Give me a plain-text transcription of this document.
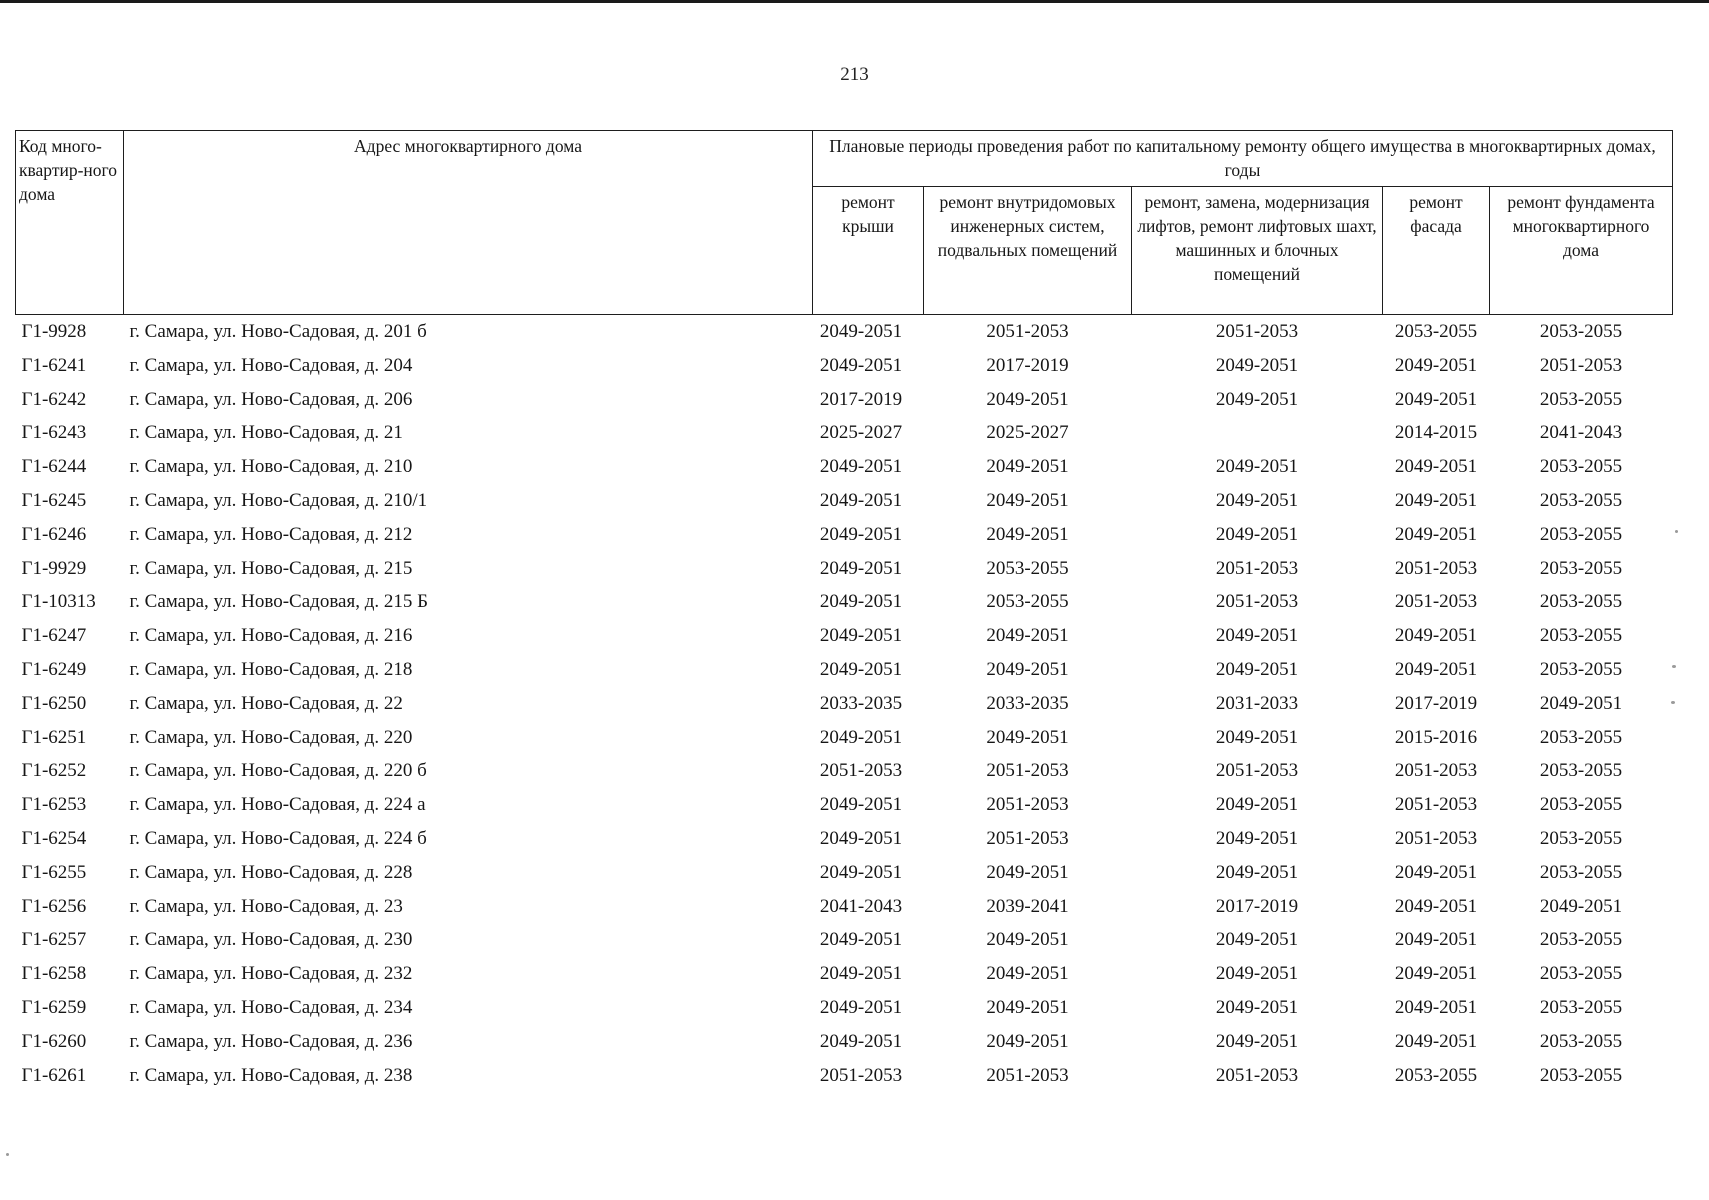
213
Код много-квартир-ного дома	Адрес многоквартирного дома	Плановые периоды проведения работ по капитальному ремонту общего имущества в многоквартирных домах, годы				
		ремонт крыши	ремонт внутридомовых инженерных систем, подвальных помещений	ремонт, замена, модернизация лифтов, ремонт лифтовых шахт, машинных и блочных помещений	ремонт фасада	ремонт фундамента многоквартирного дома
Г1-9928	г. Самара, ул. Ново-Садовая, д. 201 б	2049-2051	2051-2053	2051-2053	2053-2055	2053-2055
Г1-6241	г. Самара, ул. Ново-Садовая, д. 204	2049-2051	2017-2019	2049-2051	2049-2051	2051-2053
Г1-6242	г. Самара, ул. Ново-Садовая, д. 206	2017-2019	2049-2051	2049-2051	2049-2051	2053-2055
Г1-6243	г. Самара, ул. Ново-Садовая, д. 21	2025-2027	2025-2027		2014-2015	2041-2043
Г1-6244	г. Самара, ул. Ново-Садовая, д. 210	2049-2051	2049-2051	2049-2051	2049-2051	2053-2055
Г1-6245	г. Самара, ул. Ново-Садовая, д. 210/1	2049-2051	2049-2051	2049-2051	2049-2051	2053-2055
Г1-6246	г. Самара, ул. Ново-Садовая, д. 212	2049-2051	2049-2051	2049-2051	2049-2051	2053-2055
Г1-9929	г. Самара, ул. Ново-Садовая, д. 215	2049-2051	2053-2055	2051-2053	2051-2053	2053-2055
Г1-10313	г. Самара, ул. Ново-Садовая, д. 215 Б	2049-2051	2053-2055	2051-2053	2051-2053	2053-2055
Г1-6247	г. Самара, ул. Ново-Садовая, д. 216	2049-2051	2049-2051	2049-2051	2049-2051	2053-2055
Г1-6249	г. Самара, ул. Ново-Садовая, д. 218	2049-2051	2049-2051	2049-2051	2049-2051	2053-2055
Г1-6250	г. Самара, ул. Ново-Садовая, д. 22	2033-2035	2033-2035	2031-2033	2017-2019	2049-2051
Г1-6251	г. Самара, ул. Ново-Садовая, д. 220	2049-2051	2049-2051	2049-2051	2015-2016	2053-2055
Г1-6252	г. Самара, ул. Ново-Садовая, д. 220 б	2051-2053	2051-2053	2051-2053	2051-2053	2053-2055
Г1-6253	г. Самара, ул. Ново-Садовая, д. 224 а	2049-2051	2051-2053	2049-2051	2051-2053	2053-2055
Г1-6254	г. Самара, ул. Ново-Садовая, д. 224 б	2049-2051	2051-2053	2049-2051	2051-2053	2053-2055
Г1-6255	г. Самара, ул. Ново-Садовая, д. 228	2049-2051	2049-2051	2049-2051	2049-2051	2053-2055
Г1-6256	г. Самара, ул. Ново-Садовая, д. 23	2041-2043	2039-2041	2017-2019	2049-2051	2049-2051
Г1-6257	г. Самара, ул. Ново-Садовая, д. 230	2049-2051	2049-2051	2049-2051	2049-2051	2053-2055
Г1-6258	г. Самара, ул. Ново-Садовая, д. 232	2049-2051	2049-2051	2049-2051	2049-2051	2053-2055
Г1-6259	г. Самара, ул. Ново-Садовая, д. 234	2049-2051	2049-2051	2049-2051	2049-2051	2053-2055
Г1-6260	г. Самара, ул. Ново-Садовая, д. 236	2049-2051	2049-2051	2049-2051	2049-2051	2053-2055
Г1-6261	г. Самара, ул. Ново-Садовая, д. 238	2051-2053	2051-2053	2051-2053	2053-2055	2053-2055
